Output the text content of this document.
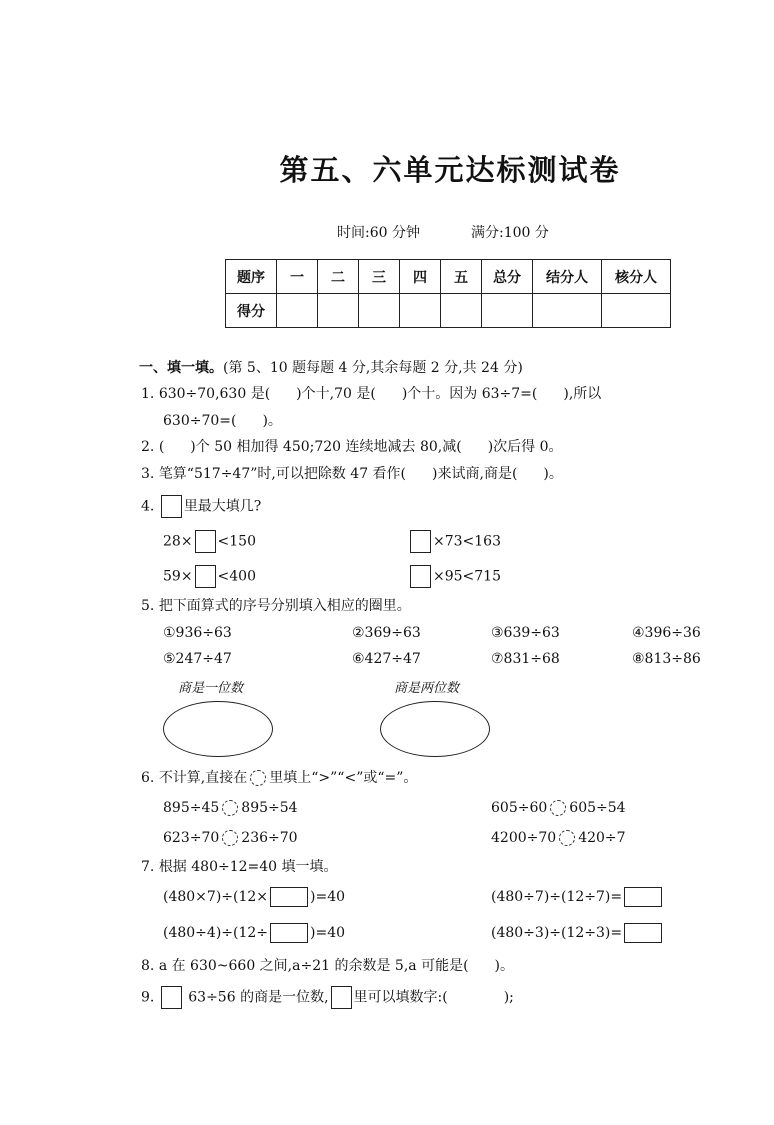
第五、六单元达标测试卷
时间:60 分钟	满分:100 分
题序	一	二	三	四	五	总分	结分人	核分人
得分								
一、填一填。(第 5、10 题每题 4 分,其余每题 2 分,共 24 分)
1. 630÷70,630 是( )个十,70 是( )个十。因为 63÷7=( ),所以
630÷70=( )。
2. ( )个 50 相加得 450;720 连续地减去 80,减( )次后得 0。
3. 笔算“517÷47”时,可以把除数 47 看作( )来试商,商是( )。
4. 里最大填几?
28× <150	×73<163
59× <400	×95<715
5. 把下面算式的序号分别填入相应的圈里。
①936÷63	②369÷63	③639÷63	④396÷36
⑤247÷47	⑥427÷47	⑦831÷68	⑧813÷86
商是一位数	商是两位数
6. 不计算,直接在 里填上“>”“<”或“=”。
895÷45 895÷54	605÷60 605÷54
623÷70 236÷70	4200÷70 420÷7
7. 根据 480÷12=40 填一填。
(480×7)÷(12×	)=40	(480÷7)÷(12÷7)=
(480÷4)÷(12÷	)=40	(480÷3)÷(12÷3)=
8. a 在 630~660 之间,a÷21 的余数是 5,a 可能是( )。
9. 63÷56 的商是一位数, 里可以填数字:(	);
